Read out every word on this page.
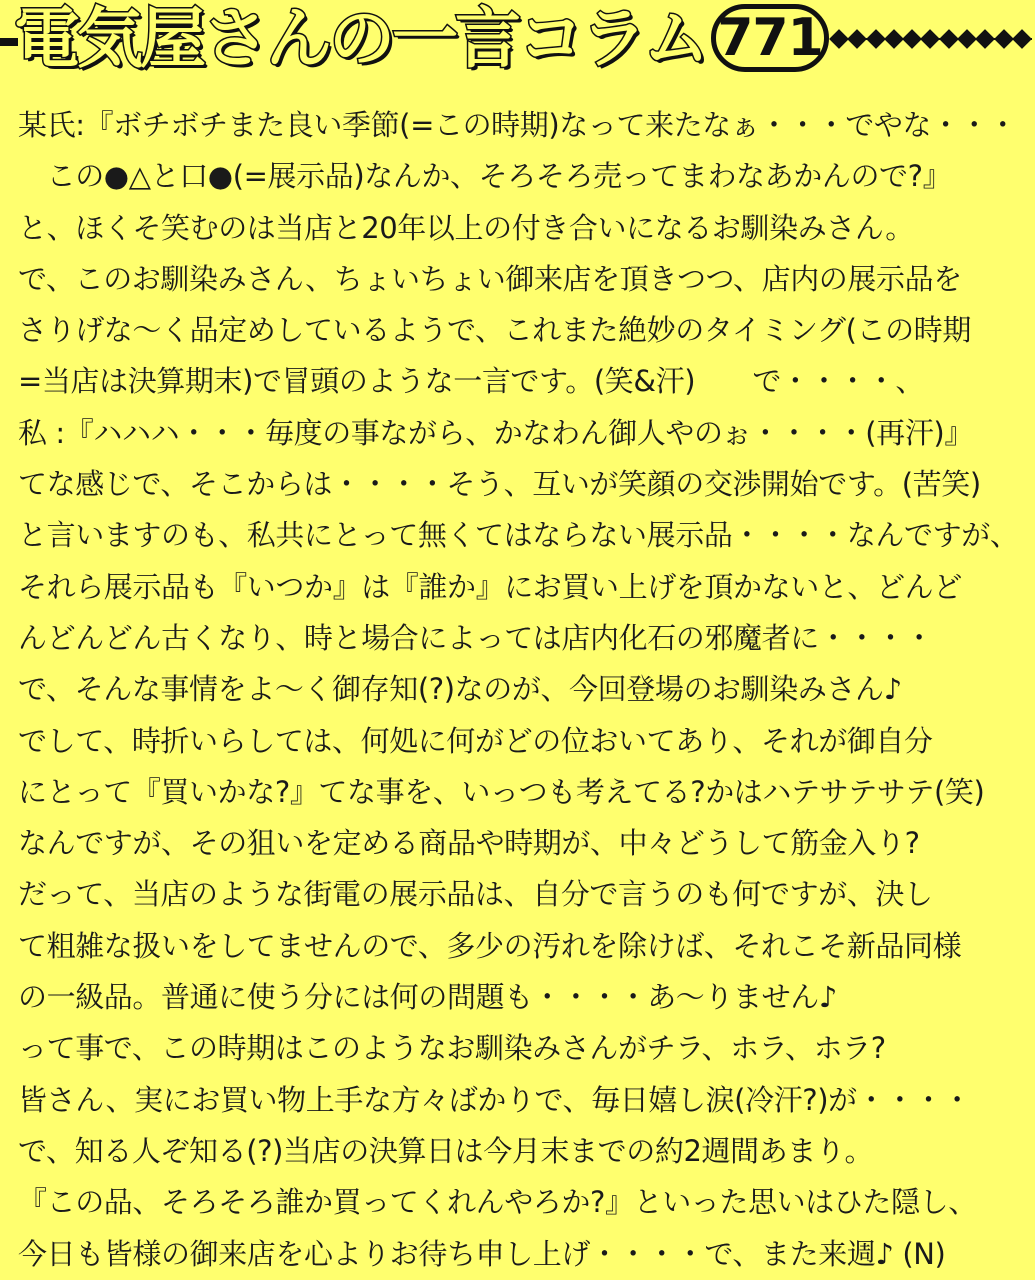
電気屋さんの一言コラム 771
某氏:『ボチボチまた良い季節(=この時期)なって来たなぁ・・・でやな・・・
　この●△と口●(=展示品)なんか、そろそろ売ってまわなあかんので?』
と、ほくそ笑むのは当店と20年以上の付き合いになるお馴染みさん。
で、このお馴染みさん、ちょいちょい御来店を頂きつつ、店内の展示品を
さりげな～く品定めしているようで、これまた絶妙のタイミング(この時期
=当店は決算期末)で冒頭のような一言です。(笑&汗)　　で・・・・、
私 :『ハハハ・・・毎度の事ながら、かなわん御人やのぉ・・・・(再汗)』
てな感じで、そこからは・・・・そう、互いが笑顔の交渉開始です。(苦笑)
と言いますのも、私共にとって無くてはならない展示品・・・・なんですが、
それら展示品も『いつか』は『誰か』にお買い上げを頂かないと、どんど
んどんどん古くなり、時と場合によっては店内化石の邪魔者に・・・・
で、そんな事情をよ～く御存知(?)なのが、今回登場のお馴染みさん♪
でして、時折いらしては、何処に何がどの位おいてあり、それが御自分
にとって『買いかな?』てな事を、いっつも考えてる?かはハテサテサテ(笑)
なんですが、その狙いを定める商品や時期が、中々どうして筋金入り?
だって、当店のような街電の展示品は、自分で言うのも何ですが、決し
て粗雑な扱いをしてませんので、多少の汚れを除けば、それこそ新品同様
の一級品。普通に使う分には何の問題も・・・・あ～りません♪
って事で、この時期はこのようなお馴染みさんがチラ、ホラ、ホラ?
皆さん、実にお買い物上手な方々ばかりで、毎日嬉し涙(冷汗?)が・・・・
で、知る人ぞ知る(?)当店の決算日は今月末までの約2週間あまり。
『この品、そろそろ誰か買ってくれんやろか?』といった思いはひた隠し、
今日も皆様の御来店を心よりお待ち申し上げ・・・・で、また来週♪ (N)
